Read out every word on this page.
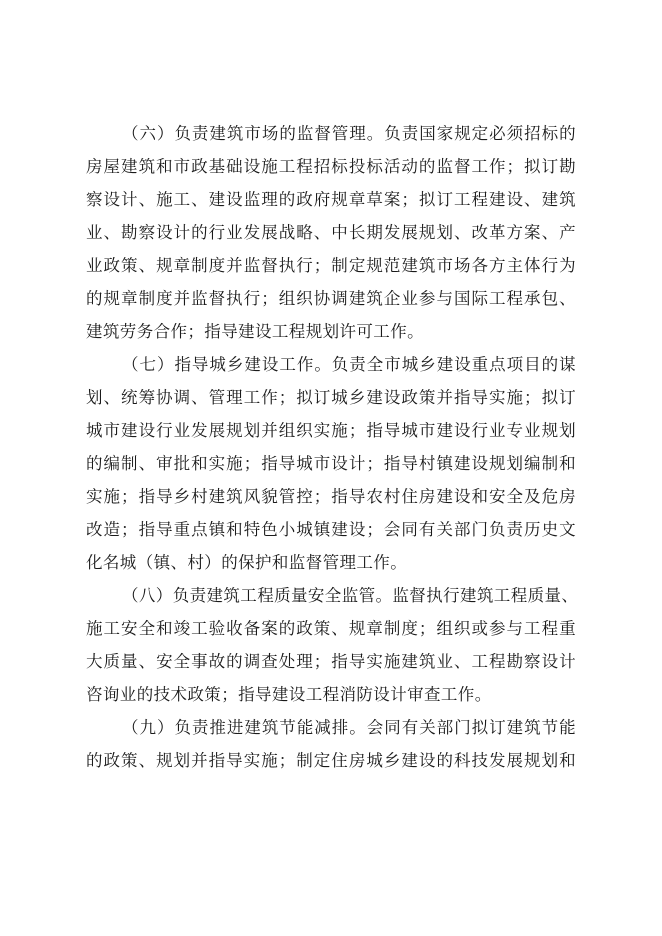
（六）负责建筑市场的监督管理。负责国家规定必须招标的
房屋建筑和市政基础设施工程招标投标活动的监督工作；拟订勘
察设计、施工、建设监理的政府规章草案；拟订工程建设、建筑
业、勘察设计的行业发展战略、中长期发展规划、改革方案、产
业政策、规章制度并监督执行；制定规范建筑市场各方主体行为
的规章制度并监督执行；组织协调建筑企业参与国际工程承包、
建筑劳务合作；指导建设工程规划许可工作。
（七）指导城乡建设工作。负责全市城乡建设重点项目的谋
划、统筹协调、管理工作；拟订城乡建设政策并指导实施；拟订
城市建设行业发展规划并组织实施；指导城市建设行业专业规划
的编制、审批和实施；指导城市设计；指导村镇建设规划编制和
实施；指导乡村建筑风貌管控；指导农村住房建设和安全及危房
改造；指导重点镇和特色小城镇建设；会同有关部门负责历史文
化名城（镇、村）的保护和监督管理工作。
（八）负责建筑工程质量安全监管。监督执行建筑工程质量、
施工安全和竣工验收备案的政策、规章制度；组织或参与工程重
大质量、安全事故的调查处理；指导实施建筑业、工程勘察设计
咨询业的技术政策；指导建设工程消防设计审查工作。
（九）负责推进建筑节能减排。会同有关部门拟订建筑节能
的政策、规划并指导实施；制定住房城乡建设的科技发展规划和
